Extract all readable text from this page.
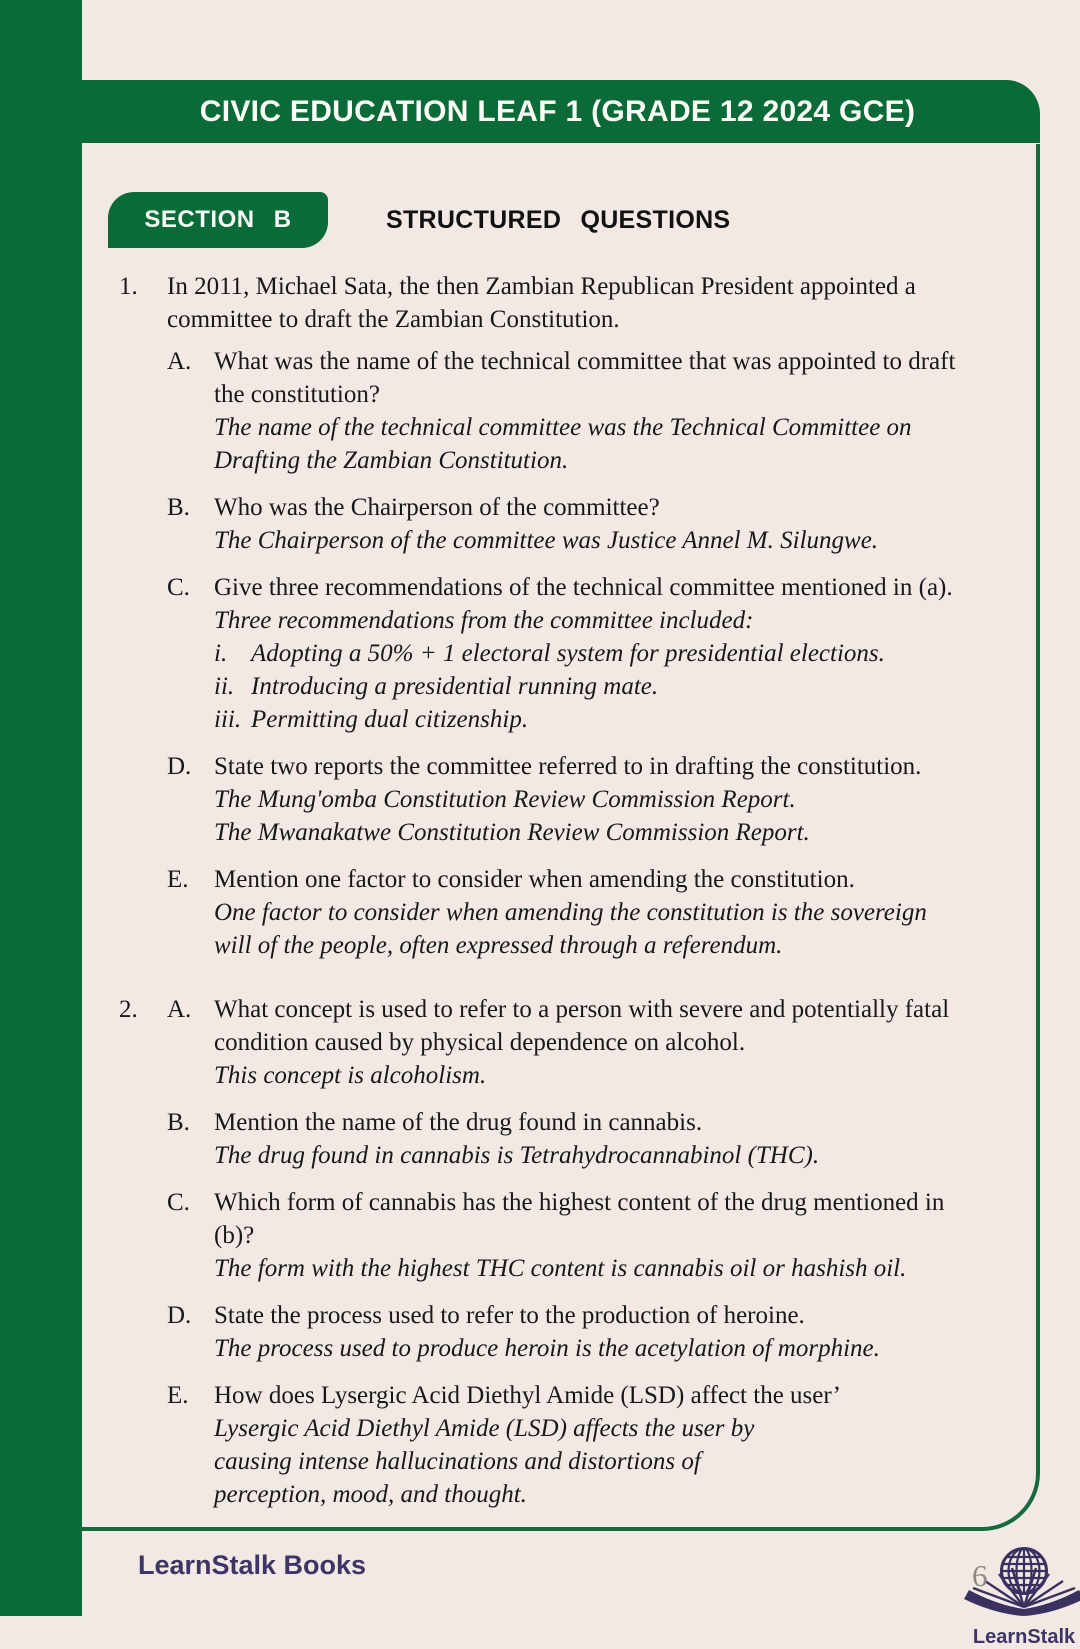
CIVIC EDUCATION LEAF 1 (GRADE 12 2024 GCE)
SECTION B	STRUCTURED QUESTIONS
1.	In 2011, Michael Sata, the then Zambian Republican President appointed a committee to draft the Zambian Constitution.
A. What was the name of the technical committee that was appointed to draft the constitution?
The name of the technical committee was the Technical Committee on Drafting the Zambian Constitution.
B. Who was the Chairperson of the committee?
The Chairperson of the committee was Justice Annel M. Silungwe.
C. Give three recommendations of the technical committee mentioned in (a).
Three recommendations from the committee included:
i. Adopting a 50% + 1 electoral system for presidential elections.
ii. Introducing a presidential running mate.
iii. Permitting dual citizenship.
D. State two reports the committee referred to in drafting the constitution.
The Mung'omba Constitution Review Commission Report.
The Mwanakatwe Constitution Review Commission Report.
E.	Mention one factor to consider when amending the constitution.
One factor to consider when amending the constitution is the sovereign will of the people, often expressed through a referendum.
2.	A. What concept is used to refer to a person with severe and potentially fatal condition caused by physical dependence on alcohol.
This concept is alcoholism.
B. Mention the name of the drug found in cannabis.
The drug found in cannabis is Tetrahydrocannabinol (THC).
C. Which form of cannabis has the highest content of the drug mentioned in (b)?
The form with the highest THC content is cannabis oil or hashish oil.
D. State the process used to refer to the production of heroine.
The process used to produce heroin is the acetylation of morphine.
E.	How does Lysergic Acid Diethyl Amide (LSD) affect the user’
Lysergic Acid Diethyl Amide (LSD) affects the user by causing intense hallucinations and distortions of perception, mood, and thought.
LearnStalk
LearnStalk Books	6
